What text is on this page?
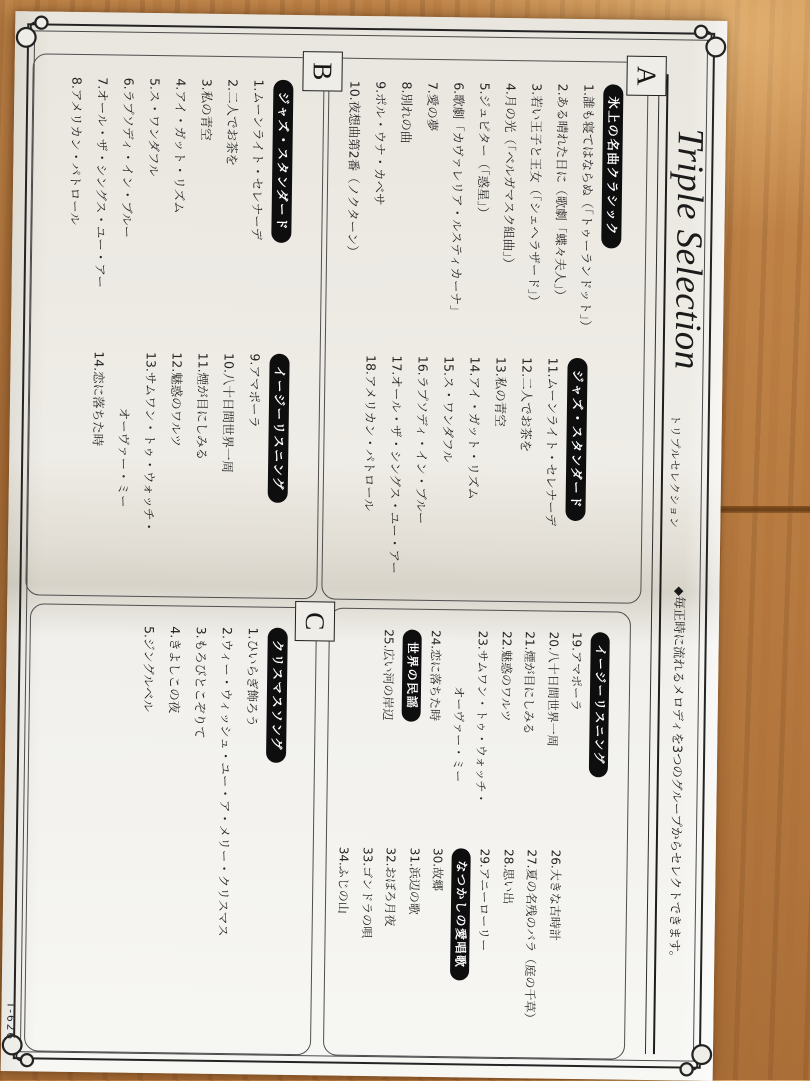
Triple Selection
トリプルセレクション
◆毎正時に流れるメロディを3つのグループからセレクトできます。
A
氷上の名曲クラシック
1.誰も寝てはならぬ（「トゥーランドット」）
2.ある晴れた日に（歌劇「蝶々夫人」）
3.若い王子と王女（「シェヘラザード」）
4.月の光（「ベルガマスク組曲」）
5.ジュピター（「惑星」）
6.歌劇「カヴァレリア・ルスティカーナ」
7.愛の夢
8.別れの曲
9.ポル・ウナ・カベサ
10.夜想曲第2番（ノクターン）
ジャズ・スタンダード
11.ムーンライト・セレナーデ
12.二人でお茶を
13.私の青空
14.アイ・ガット・リズム
15.ス・ワンダフル
16.ラプソディ・イン・ブルー
17.オール・ザ・シングス・ユー・アー
18.アメリカン・パトロール
イージーリスニング
19.アマポーラ
20.八十日間世界一周
21.煙が目にしみる
22.魅惑のワルツ
23.サムワン・トゥ・ウォッチ・
オーヴァー・ミー
24.恋に落ちた時
世界の民謡
25.広い河の岸辺
26.大きな古時計
27.夏の名残のバラ（庭の千草）
28.思い出
29.アニーローリー
なつかしの愛唱歌
30.故郷
31.浜辺の歌
32.おぼろ月夜
33.ゴンドラの唄
34.ふじの山
B
ジャズ・スタンダード
1.ムーンライト・セレナーデ
2.二人でお茶を
3.私の青空
4.アイ・ガット・リズム
5.ス・ワンダフル
6.ラプソディ・イン・ブルー
7.オール・ザ・シングス・ユー・アー
8.アメリカン・パトロール
イージーリスニング
9.アマポーラ
10.八十日間世界一周
11.煙が目にしみる
12.魅惑のワルツ
13.サムワン・トゥ・ウォッチ・
オーヴァー・ミー
14.恋に落ちた時
C
クリスマスソング
1.ひいらぎ飾ろう
2.ウィー・ウィッシュ・ユー・ア・メリー・クリスマス
3.もろびとこぞりて
4.きよしこの夜
5.ジングルベル
T-626
